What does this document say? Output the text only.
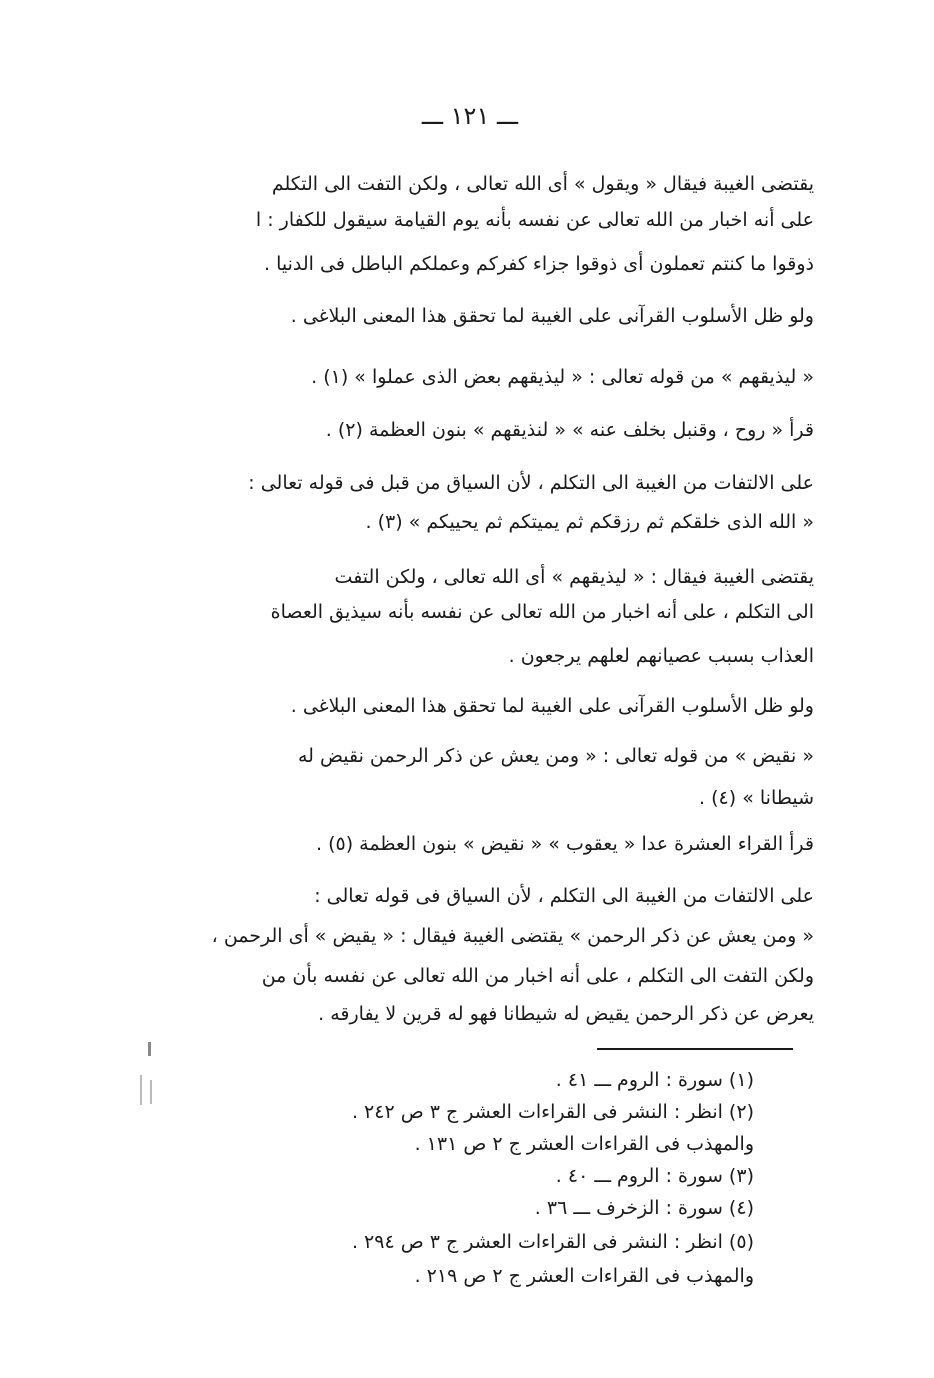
ـــ ١٢١ ـــ
يقتضى الغيبة فيقال « ويقول » أى الله تعالى ، ولكن التفت الى التكلم
على أنه اخبار من الله تعالى عن نفسه بأنه يوم القيامة سيقول للكفار : ا
ذوقوا ما كنتم تعملون أى ذوقوا جزاء كفركم وعملكم الباطل فى الدنيا .
ولو ظل الأسلوب القرآنى على الغيبة لما تحقق هذا المعنى البلاغى .
« ليذيقهم » من قوله تعالى : « ليذيقهم بعض الذى عملوا » (١) .
قرأ « روح ، وقنبل بخلف عنه » « لنذيقهم » بنون العظمة (٢) .
على الالتفات من الغيبة الى التكلم ، لأن السياق من قبل فى قوله تعالى :
« الله الذى خلقكم ثم رزقكم ثم يميتكم ثم يحييكم » (٣) .
يقتضى الغيبة فيقال : « ليذيقهم » أى الله تعالى ، ولكن التفت
الى التكلم ، على أنه اخبار من الله تعالى عن نفسه بأنه سيذيق العصاة
العذاب بسبب عصيانهم لعلهم يرجعون .
ولو ظل الأسلوب القرآنى على الغيبة لما تحقق هذا المعنى البلاغى .
« نقيض » من قوله تعالى : « ومن يعش عن ذكر الرحمن نقيض له
شيطانا » (٤) .
قرأ القراء العشرة عدا « يعقوب » « نقيض » بنون العظمة (٥) .
على الالتفات من الغيبة الى التكلم ، لأن السياق فى قوله تعالى :
« ومن يعش عن ذكر الرحمن » يقتضى الغيبة فيقال : « يقيض » أى الرحمن ،
ولكن التفت الى التكلم ، على أنه اخبار من الله تعالى عن نفسه بأن من
يعرض عن ذكر الرحمن يقيض له شيطانا فهو له قرين لا يفارقه .
(١) سورة : الروم ـــ ٤١ .
(٢) انظر : النشر فى القراءات العشر ج ٣ ص ٢٤٢ .
والمهذب فى القراءات العشر ج ٢ ص ١٣١ .
(٣) سورة : الروم ـــ ٤٠ .
(٤) سورة : الزخرف ـــ ٣٦ .
(٥) انظر : النشر فى القراءات العشر ج ٣ ص ٢٩٤ .
والمهذب فى القراءات العشر ج ٢ ص ٢١٩ .
